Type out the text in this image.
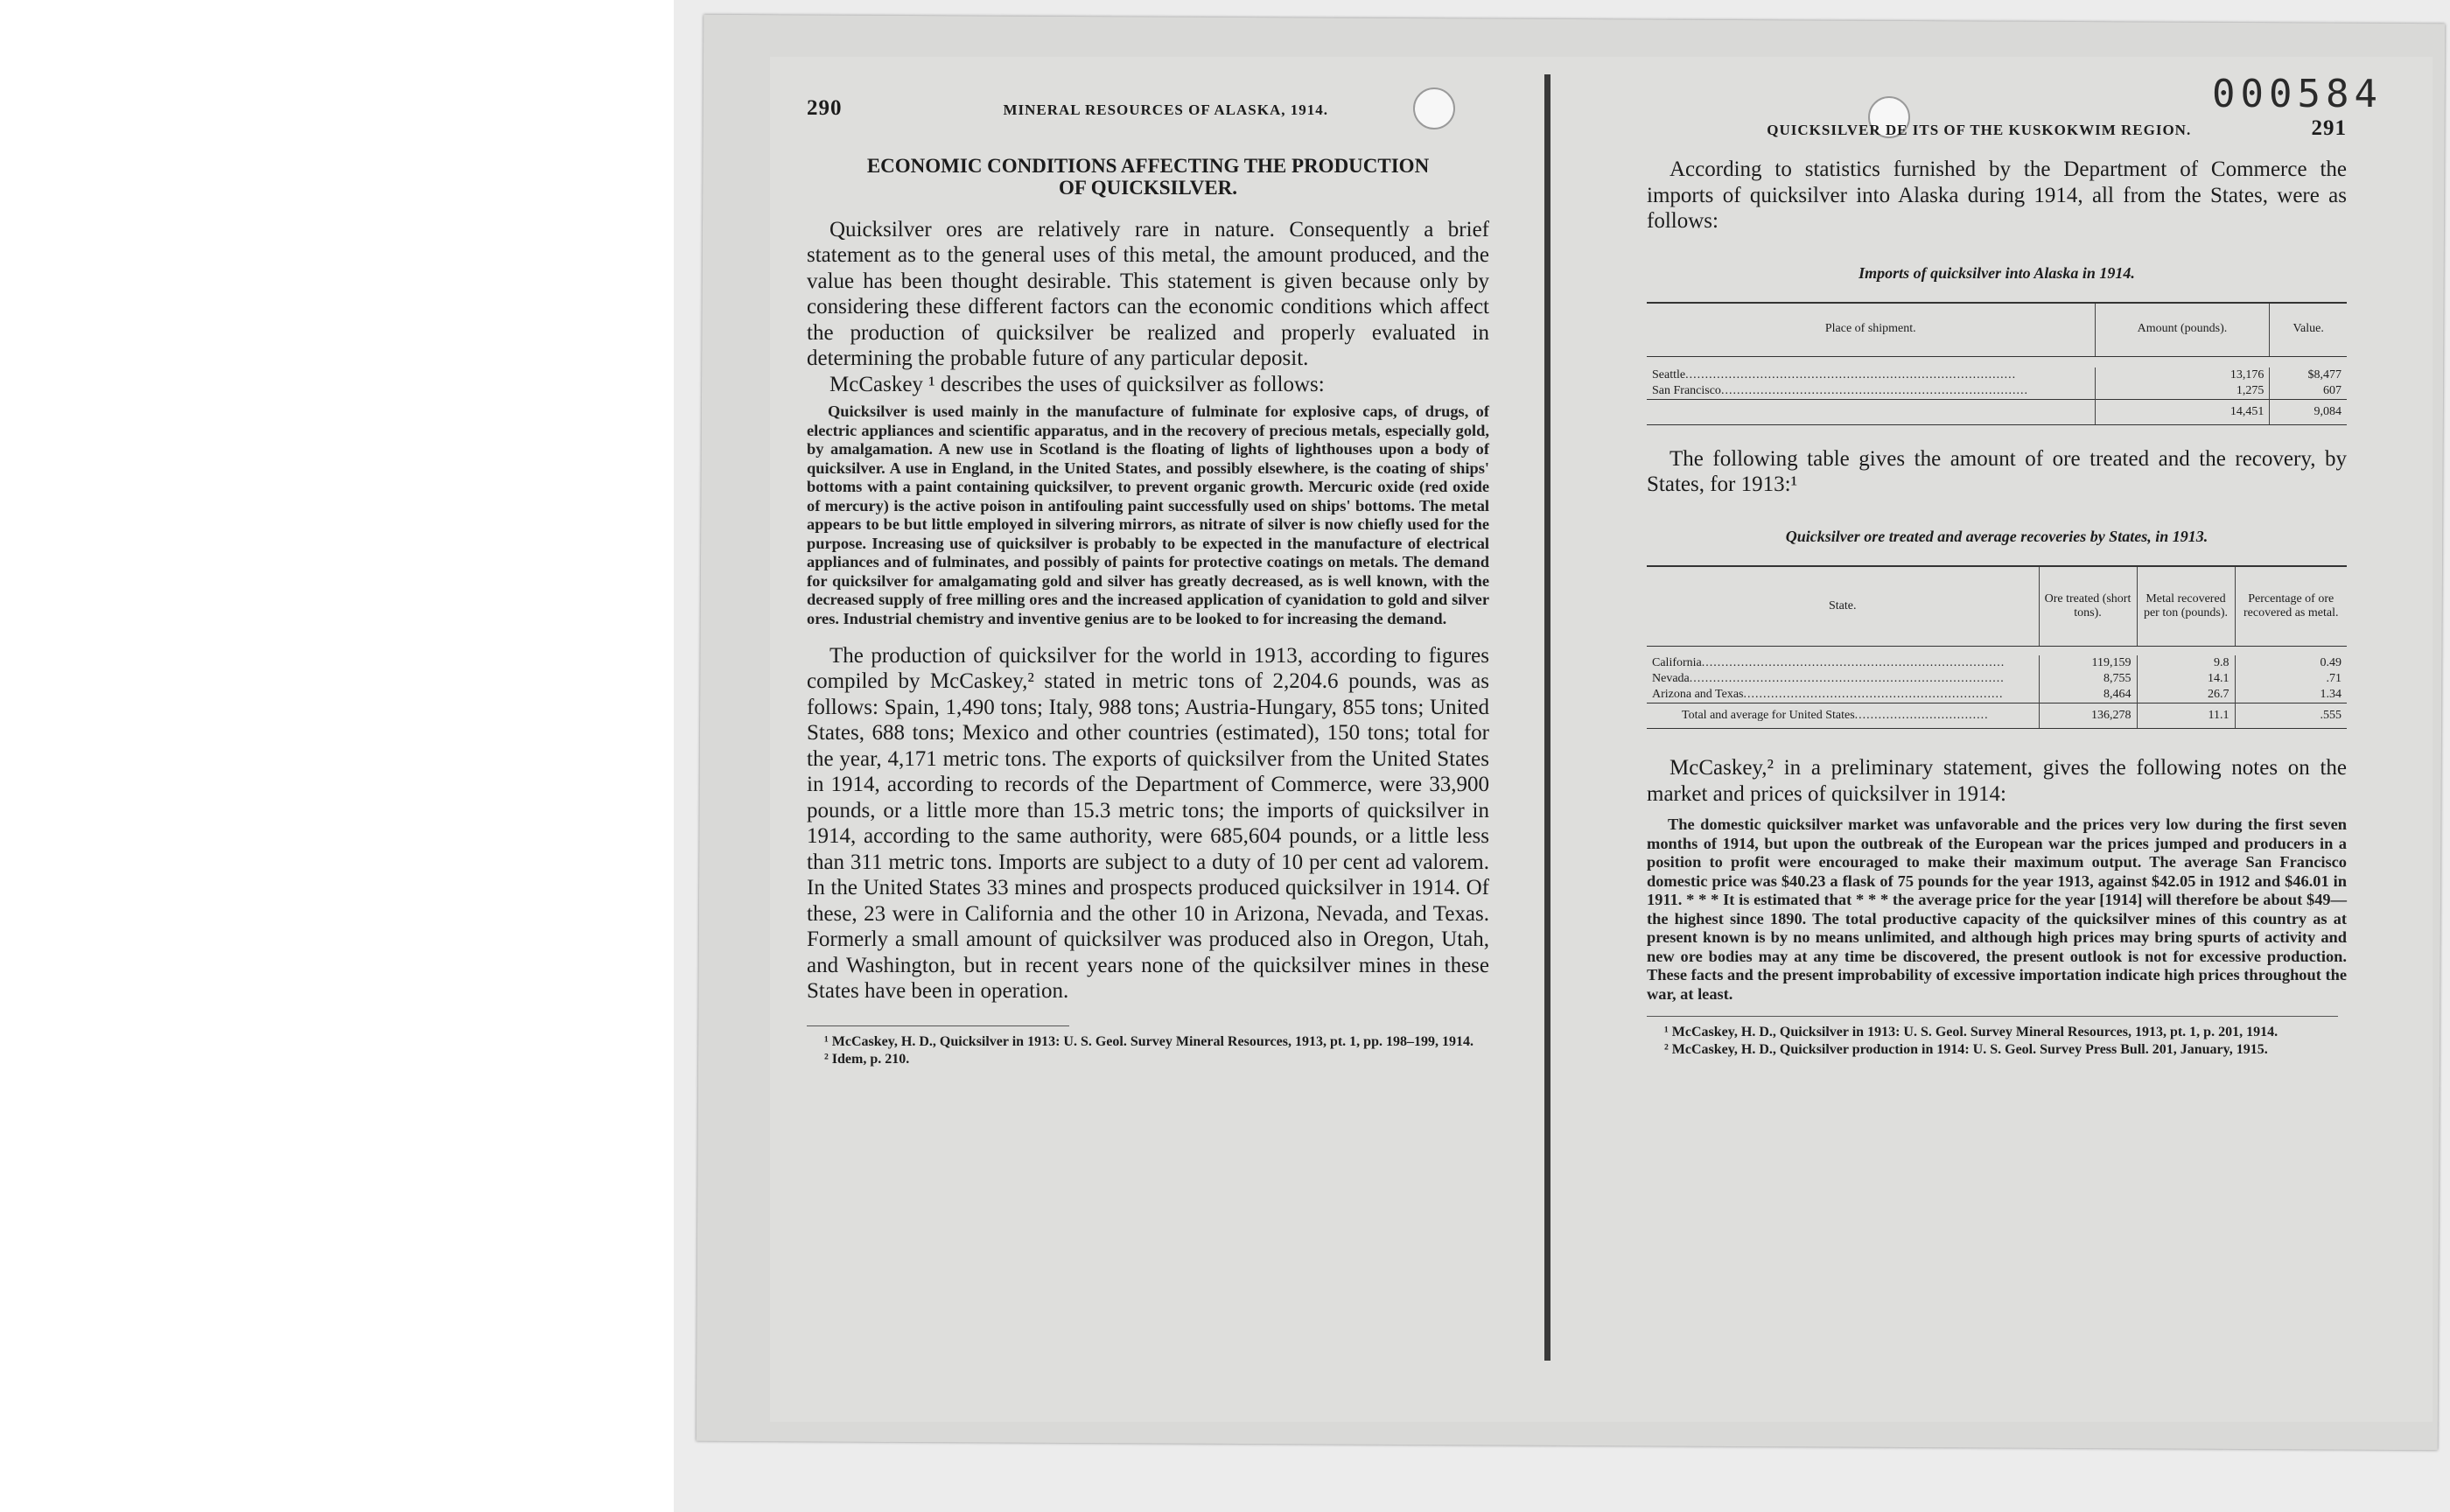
000584
290	MINERAL RESOURCES OF ALASKA, 1914.
ECONOMIC CONDITIONS AFFECTING THE PRODUCTION
OF QUICKSILVER.

Quicksilver ores are relatively rare in nature. Consequently a brief statement as to the general uses of this metal, the amount produced, and the value has been thought desirable. This statement is given because only by considering these different factors can the economic conditions which affect the production of quicksilver be realized and properly evaluated in determining the probable future of any particular deposit.

McCaskey ¹ describes the uses of quicksilver as follows:

Quicksilver is used mainly in the manufacture of fulminate for explosive caps, of drugs, of electric appliances and scientific apparatus, and in the recovery of precious metals, especially gold, by amalgamation. A new use in Scotland is the floating of lights of lighthouses upon a body of quicksilver. A use in England, in the United States, and possibly elsewhere, is the coating of ships' bottoms with a paint containing quicksilver, to prevent organic growth. Mercuric oxide (red oxide of mercury) is the active poison in antifouling paint successfully used on ships' bottoms. The metal appears to be but little employed in silvering mirrors, as nitrate of silver is now chiefly used for the purpose. Increasing use of quicksilver is probably to be expected in the manufacture of electrical appliances and of fulminates, and possibly of paints for protective coatings on metals. The demand for quicksilver for amalgamating gold and silver has greatly decreased, as is well known, with the decreased supply of free milling ores and the increased application of cyanidation to gold and silver ores. Industrial chemistry and inventive genius are to be looked to for increasing the demand.

The production of quicksilver for the world in 1913, according to figures compiled by McCaskey,² stated in metric tons of 2,204.6 pounds, was as follows: Spain, 1,490 tons; Italy, 988 tons; Austria-Hungary, 855 tons; United States, 688 tons; Mexico and other countries (estimated), 150 tons; total for the year, 4,171 metric tons. The exports of quicksilver from the United States in 1914, according to records of the Department of Commerce, were 33,900 pounds, or a little more than 15.3 metric tons; the imports of quicksilver in 1914, according to the same authority, were 685,604 pounds, or a little less than 311 metric tons. Imports are subject to a duty of 10 per cent ad valorem. In the United States 33 mines and prospects produced quicksilver in 1914. Of these, 23 were in California and the other 10 in Arizona, Nevada, and Texas. Formerly a small amount of quicksilver was produced also in Oregon, Utah, and Washington, but in recent years none of the quicksilver mines in these States have been in operation.

¹ McCaskey, H. D., Quicksilver in 1913: U. S. Geol. Survey Mineral Resources, 1913, pt. 1, pp. 198–199, 1914.

² Idem, p. 210.

QUICKSILVER DE ITS OF THE KUSKOKWIM REGION.	291

According to statistics furnished by the Department of Commerce the imports of quicksilver into Alaska during 1914, all from the States, were as follows:

Imports of quicksilver into Alaska in 1914.
Place of shipment.	Amount (pounds).	Value.

Seattle....................................................................................	13,176	$8,477
San Francisco..............................................................................	1,275	607
	14,451	9,084

The following table gives the amount of ore treated and the recovery, by States, for 1913:¹

Quicksilver ore treated and average recoveries by States, in 1913.
State.	Ore treated (short tons).	Metal recovered per ton (pounds).	Percentage of ore recovered as metal.

California.............................................................................	119,159	9.8	0.49
Nevada................................................................................	8,755	14.1	.71
Arizona and Texas..................................................................	8,464	26.7	1.34
Total and average for United States..................................	136,278	11.1	.555

McCaskey,² in a preliminary statement, gives the following notes on the market and prices of quicksilver in 1914:

The domestic quicksilver market was unfavorable and the prices very low during the first seven months of 1914, but upon the outbreak of the European war the prices jumped and producers in a position to profit were encouraged to make their maximum output. The average San Francisco domestic price was $40.23 a flask of 75 pounds for the year 1913, against $42.05 in 1912 and $46.01 in 1911. * * * It is estimated that * * * the average price for the year [1914] will therefore be about $49—the highest since 1890. The total productive capacity of the quicksilver mines of this country as at present known is by no means unlimited, and although high prices may bring spurts of activity and new ore bodies may at any time be discovered, the present outlook is not for excessive production. These facts and the present improbability of excessive importation indicate high prices throughout the war, at least.

¹ McCaskey, H. D., Quicksilver in 1913: U. S. Geol. Survey Mineral Resources, 1913, pt. 1, p. 201, 1914.

² McCaskey, H. D., Quicksilver production in 1914: U. S. Geol. Survey Press Bull. 201, January, 1915.
